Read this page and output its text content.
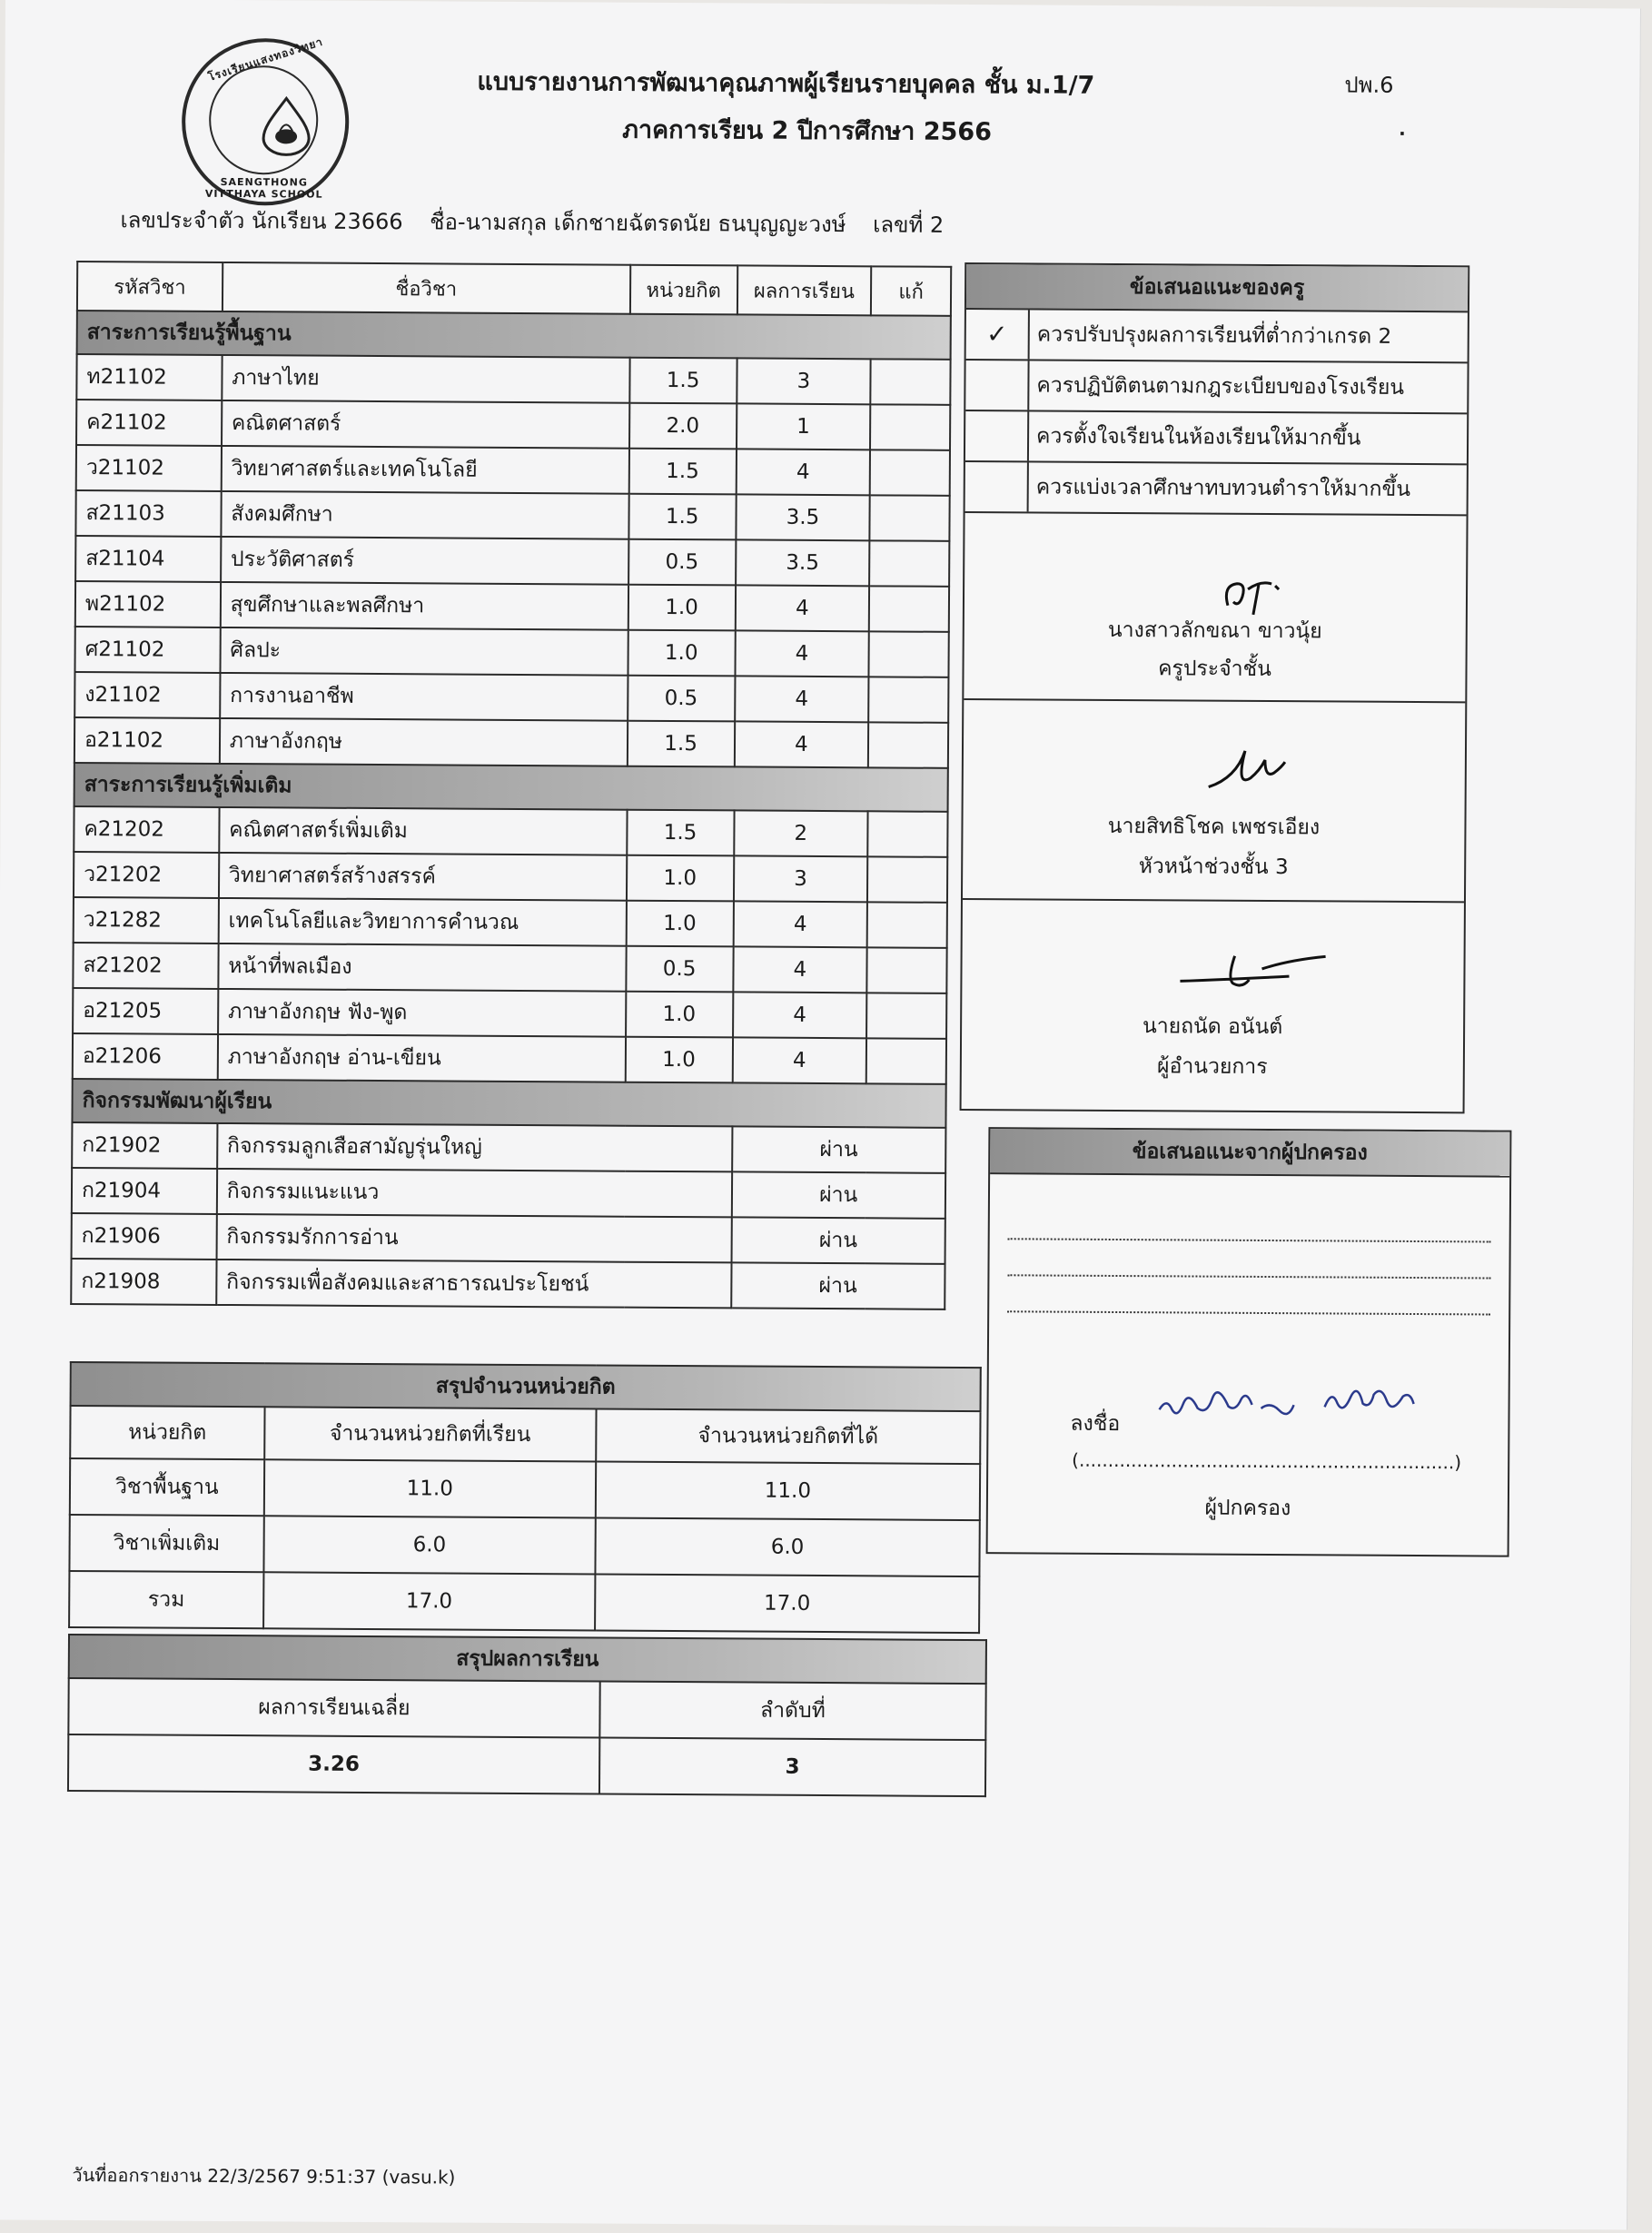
โรงเรียนแสงทองวิทยา
SAENGTHONG VITTHAYA SCHOOL
แบบรายงานการพัฒนาคุณภาพผู้เรียนรายบุคคล ชั้น ม.1/7
ภาคการเรียน 2 ปีการศึกษา 2566
ปพ.6
.
เลขประจำตัว นักเรียน 23666 ชื่อ-นามสกุล เด็กชายฉัตรดนัย ธนบุญญะวงษ์ เลขที่ 2
รหัสวิชา	ชื่อวิชา	หน่วยกิต	ผลการเรียน	แก้
สาระการเรียนรู้พื้นฐาน				
ท21102	ภาษาไทย	1.5	3	
ค21102	คณิตศาสตร์	2.0	1	
ว21102	วิทยาศาสตร์และเทคโนโลยี	1.5	4	
ส21103	สังคมศึกษา	1.5	3.5	
ส21104	ประวัติศาสตร์	0.5	3.5	
พ21102	สุขศึกษาและพลศึกษา	1.0	4	
ศ21102	ศิลปะ	1.0	4	
ง21102	การงานอาชีพ	0.5	4	
อ21102	ภาษาอังกฤษ	1.5	4	
สาระการเรียนรู้เพิ่มเติม				
ค21202	คณิตศาสตร์เพิ่มเติม	1.5	2	
ว21202	วิทยาศาสตร์สร้างสรรค์	1.0	3	
ว21282	เทคโนโลยีและวิทยาการคำนวณ	1.0	4	
ส21202	หน้าที่พลเมือง	0.5	4	
อ21205	ภาษาอังกฤษ ฟัง-พูด	1.0	4	
อ21206	ภาษาอังกฤษ อ่าน-เขียน	1.0	4	
กิจกรรมพัฒนาผู้เรียน				
ก21902	กิจกรรมลูกเสือสามัญรุ่นใหญ่		ผ่าน	
ก21904	กิจกรรมแนะแนว		ผ่าน	
ก21906	กิจกรรมรักการอ่าน		ผ่าน	
ก21908	กิจกรรมเพื่อสังคมและสาธารณประโยชน์		ผ่าน	
สรุปจำนวนหน่วยกิต		
หน่วยกิต	จำนวนหน่วยกิตที่เรียน	จำนวนหน่วยกิตที่ได้
วิชาพื้นฐาน	11.0	11.0
วิชาเพิ่มเติม	6.0	6.0
รวม	17.0	17.0
สรุปผลการเรียน	
ผลการเรียนเฉลี่ย	ลำดับที่
3.26	3
ข้อเสนอแนะของครู
✓	ควรปรับปรุงผลการเรียนที่ต่ำกว่าเกรด 2
ควรปฏิบัติตนตามกฎระเบียบของโรงเรียน
ควรตั้งใจเรียนในห้องเรียนให้มากขึ้น
ควรแบ่งเวลาศึกษาทบทวนตำราให้มากขึ้น
นางสาวลักขณา ขาวนุ้ย
ครูประจำชั้น
นายสิทธิโชค เพชรเอียง
หัวหน้าช่วงชั้น 3
นายถนัด อนันต์
ผู้อำนวยการ
ข้อเสนอแนะจากผู้ปกครอง
ลงชื่อ
(.................................................................)
ผู้ปกครอง
วันที่ออกรายงาน 22/3/2567 9:51:37 (vasu.k)
